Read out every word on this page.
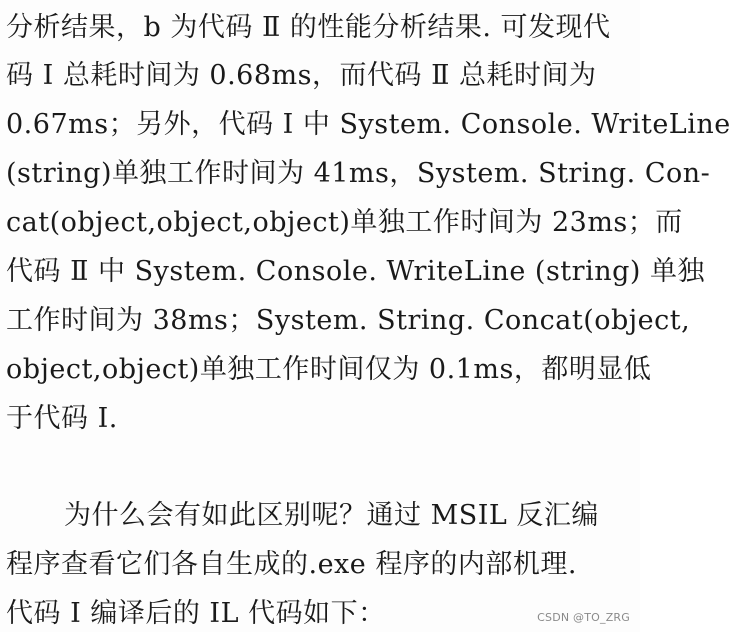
分析结果，b 为代码 Ⅱ 的性能分析结果. 可发现代
码 Ⅰ 总耗时间为 0.68ms，而代码 Ⅱ 总耗时间为
0.67ms；另外，代码 Ⅰ 中 System. Console. WriteLine
(string)单独工作时间为 41ms，System. String. Con-
cat(object,object,object)单独工作时间为 23ms；而
代码 Ⅱ 中 System. Console. WriteLine (string) 单独
工作时间为 38ms；System. String. Concat(object,
object,object)单独工作时间仅为 0.1ms，都明显低
于代码 Ⅰ.
为什么会有如此区别呢？通过 MSIL 反汇编
程序查看它们各自生成的.exe 程序的内部机理.
代码 Ⅰ 编译后的 IL 代码如下：	CSDN @TO_ZRG
